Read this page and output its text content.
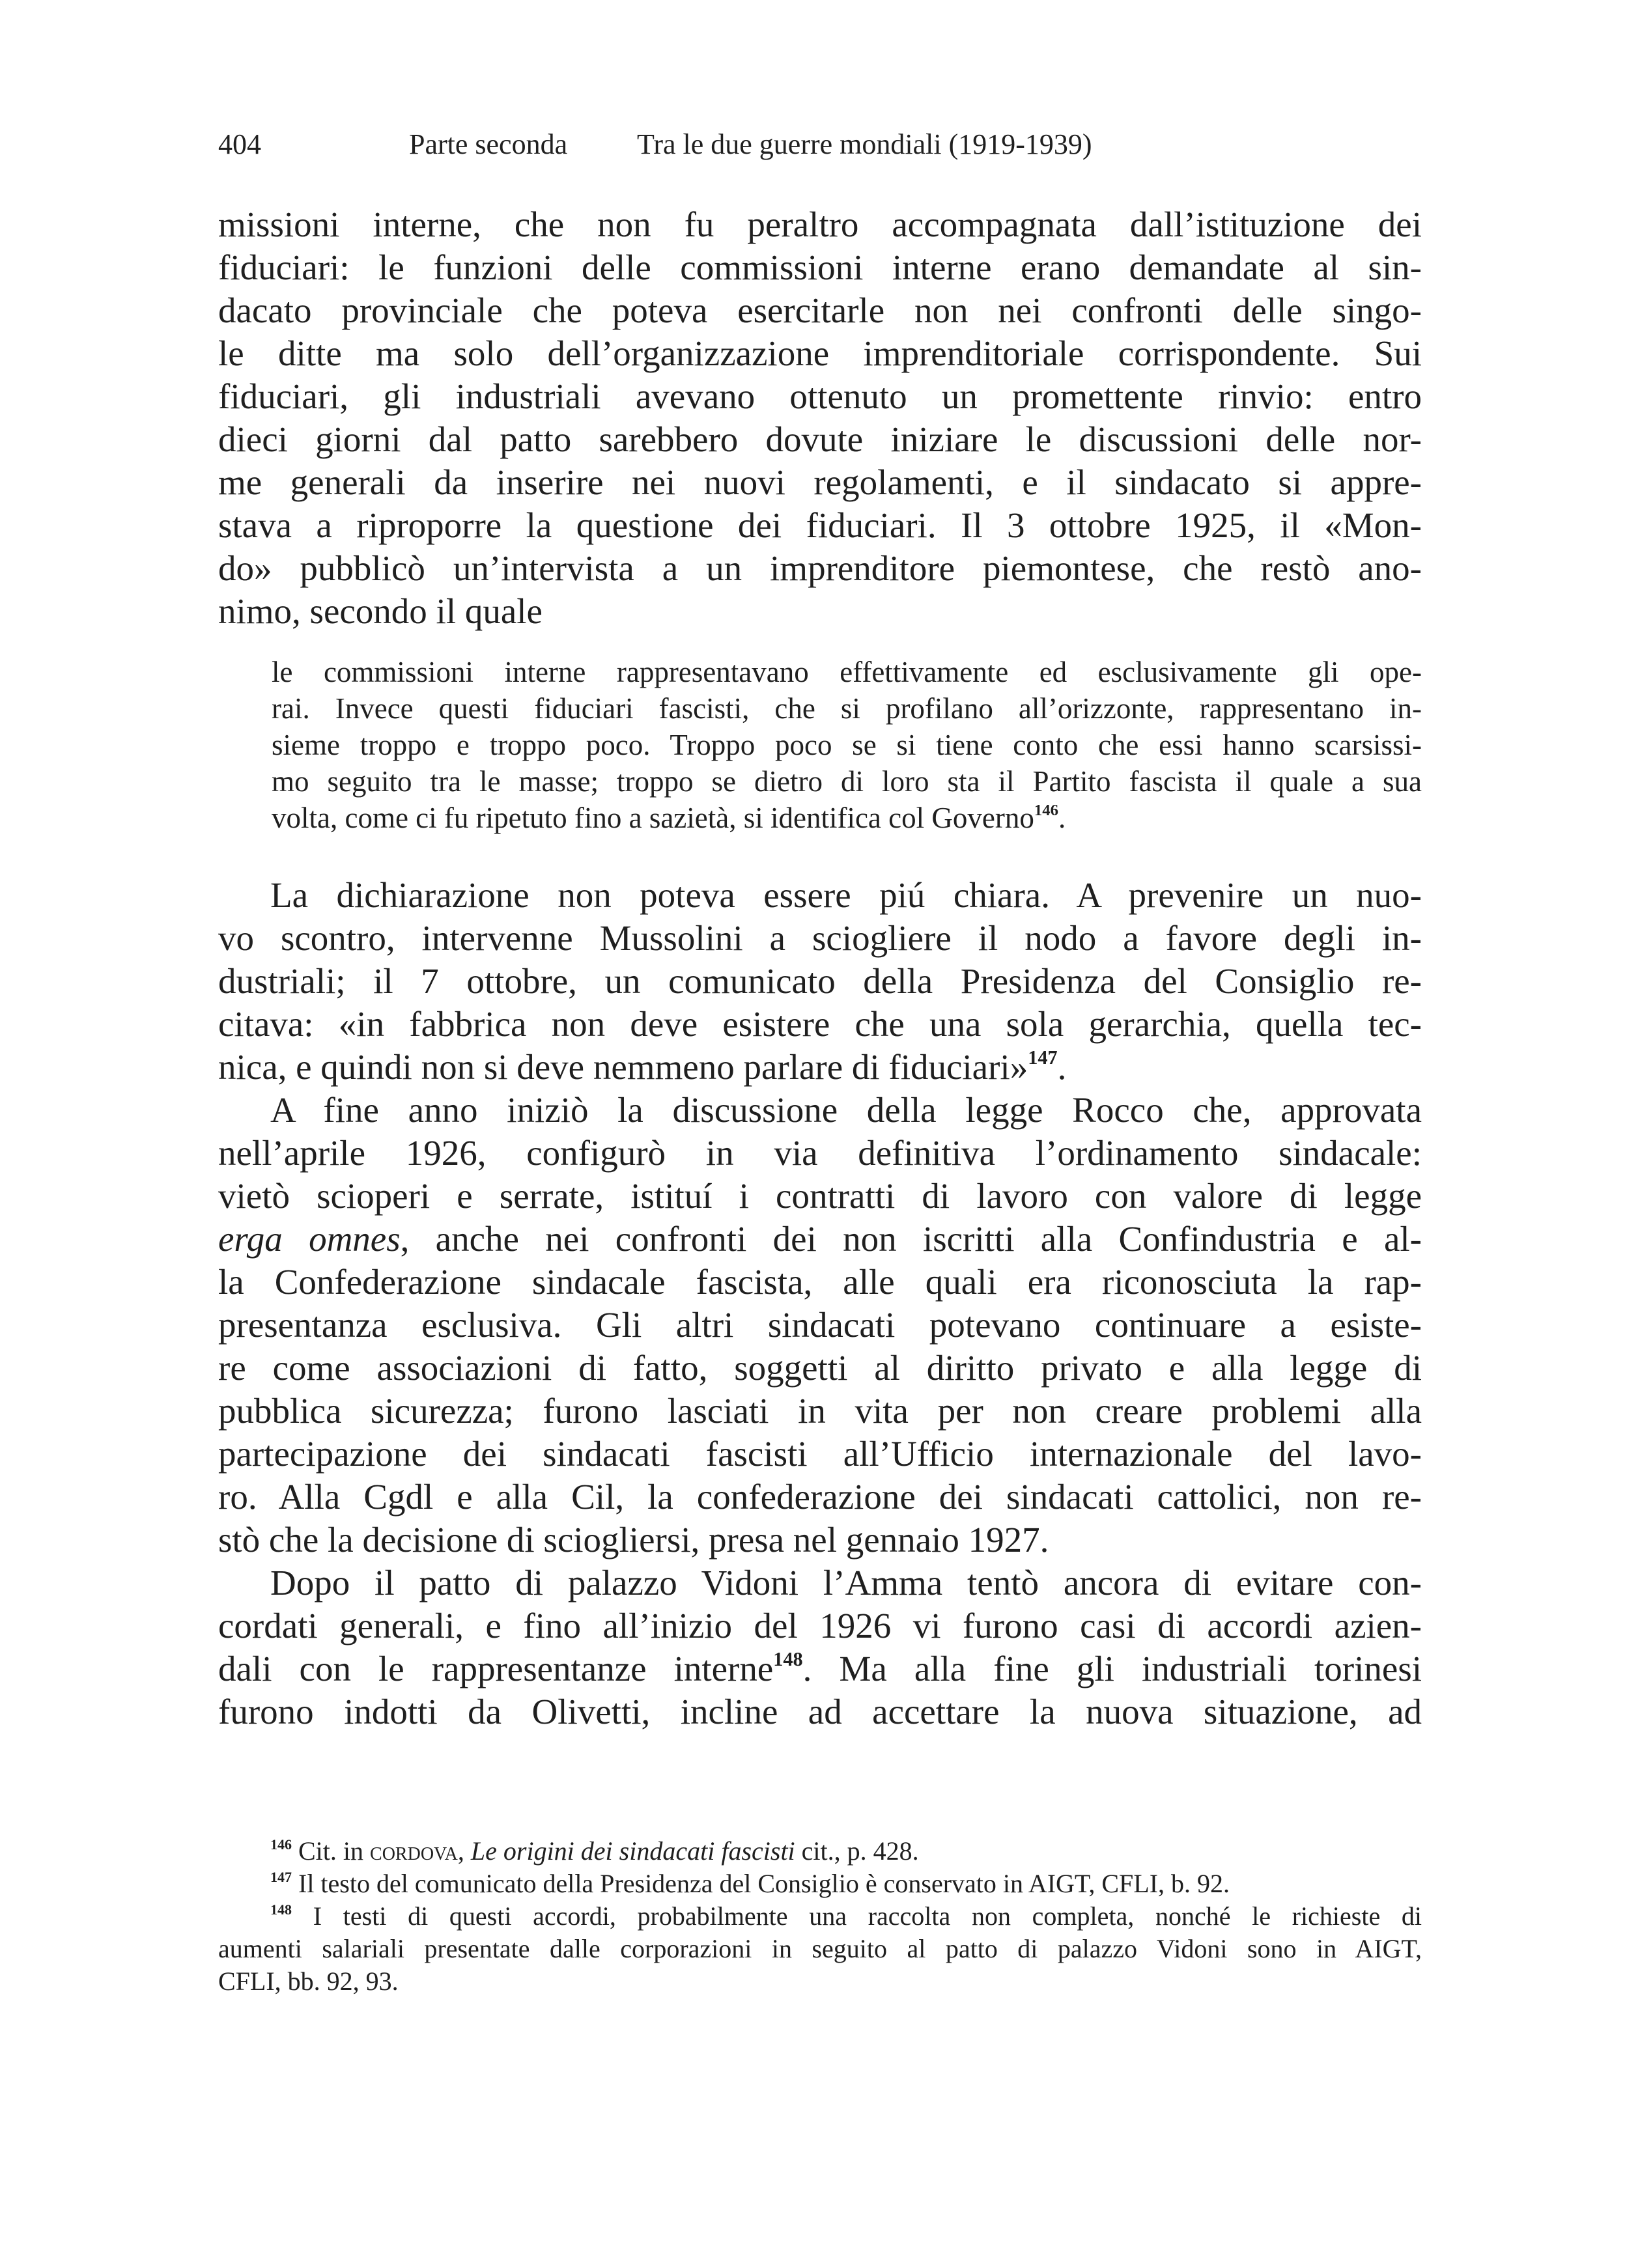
404	Parte seconda Tra le due guerre mondiali (1919-1939)
missioni interne, che non fu peraltro accompagnata dall’istituzione dei
fiduciari: le funzioni delle commissioni interne erano demandate al sin-
dacato provinciale che poteva esercitarle non nei confronti delle singo-
le ditte ma solo dell’organizzazione imprenditoriale corrispondente. Sui
fiduciari, gli industriali avevano ottenuto un promettente rinvio: entro
dieci giorni dal patto sarebbero dovute iniziare le discussioni delle nor-
me generali da inserire nei nuovi regolamenti, e il sindacato si appre-
stava a riproporre la questione dei fiduciari. Il 3 ottobre 1925, il «Mon-
do» pubblicò un’intervista a un imprenditore piemontese, che restò ano-
nimo, secondo il quale
le commissioni interne rappresentavano effettivamente ed esclusivamente gli ope-
rai. Invece questi fiduciari fascisti, che si profilano all’orizzonte, rappresentano in-
sieme troppo e troppo poco. Troppo poco se si tiene conto che essi hanno scarsissi-
mo seguito tra le masse; troppo se dietro di loro sta il Partito fascista il quale a sua
volta, come ci fu ripetuto fino a sazietà, si identifica col Governo$^{146}$.
La dichiarazione non poteva essere piú chiara. A prevenire un nuo-
vo scontro, intervenne Mussolini a sciogliere il nodo a favore degli in-
dustriali; il 7 ottobre, un comunicato della Presidenza del Consiglio re-
citava: «in fabbrica non deve esistere che una sola gerarchia, quella tec-
nica, e quindi non si deve nemmeno parlare di fiduciari»$^{147}$.
A fine anno iniziò la discussione della legge Rocco che, approvata
nell’aprile 1926, configurò in via definitiva l’ordinamento sindacale:
vietò scioperi e serrate, istituí i contratti di lavoro con valore di legge
erga omnes, anche nei confronti dei non iscritti alla Confindustria e al-
la Confederazione sindacale fascista, alle quali era riconosciuta la rap-
presentanza esclusiva. Gli altri sindacati potevano continuare a esiste-
re come associazioni di fatto, soggetti al diritto privato e alla legge di
pubblica sicurezza; furono lasciati in vita per non creare problemi alla
partecipazione dei sindacati fascisti all’Ufficio internazionale del lavo-
ro. Alla Cgdl e alla Cil, la confederazione dei sindacati cattolici, non re-
stò che la decisione di sciogliersi, presa nel gennaio 1927.
Dopo il patto di palazzo Vidoni l’Amma tentò ancora di evitare con-
cordati generali, e fino all’inizio del 1926 vi furono casi di accordi azien-
dali con le rappresentanze interne$^{148}$. Ma alla fine gli industriali torinesi
furono indotti da Olivetti, incline ad accettare la nuova situazione, ad
$^{146}$ Cit. in cordova, Le origini dei sindacati fascisti cit., p. 428.
$^{147}$ Il testo del comunicato della Presidenza del Consiglio è conservato in AIGT, CFLI, b. 92.
$^{148}$ I testi di questi accordi, probabilmente una raccolta non completa, nonché le richieste di
aumenti salariali presentate dalle corporazioni in seguito al patto di palazzo Vidoni sono in AIGT,
CFLI, bb. 92, 93.
